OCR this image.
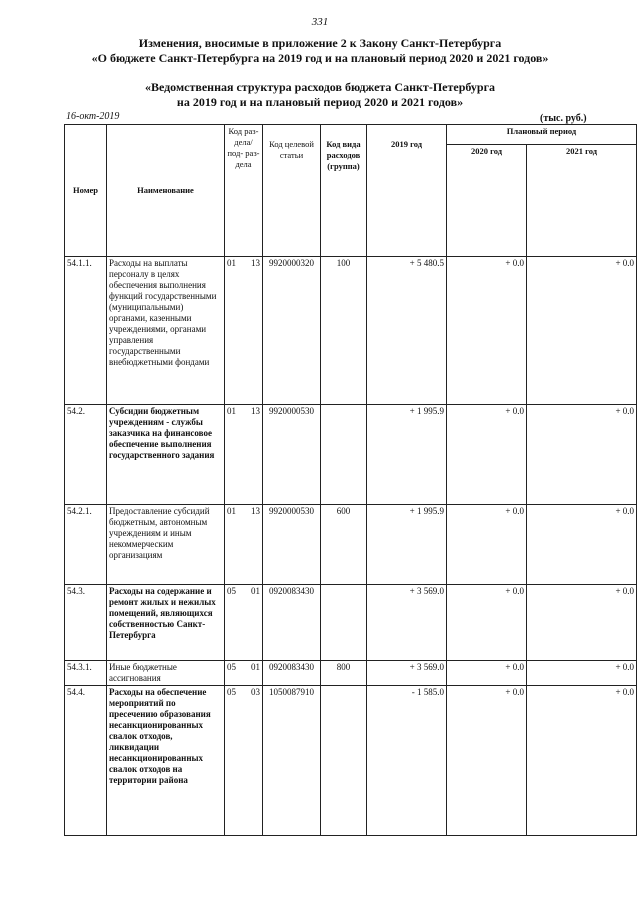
331
Изменения, вносимые в приложение 2 к Закону Санкт-Петербурга
«О бюджете Санкт-Петербурга на 2019 год и на плановый период 2020 и 2021 годов»
«Ведомственная структура расходов бюджета Санкт-Петербурга
на 2019 год и на плановый период 2020 и 2021 годов»
16-окт-2019	(тыс. руб.)
Номер	Наименование	Код раз- дела/ под- раз- дела	Код целевой статьи	Код вида расходов (группа)	2019 год	Плановый период	
						2020 год	2021 год
54.1.1.	Расходы на выплаты персоналу в целях обеспечения выполнения функций государственными (муниципальными) органами, казенными учреждениями, органами управления государственными внебюджетными фондами	01 13	9920000320	100	+ 5 480.5	+ 0.0	+ 0.0
54.2.	Субсидии бюджетным учреждениям - службы заказчика на финансовое обеспечение выполнения государственного задания	01 13	9920000530		+ 1 995.9	+ 0.0	+ 0.0
54.2.1.	Предоставление субсидий бюджетным, автономным учреждениям и иным некоммерческим организациям	01 13	9920000530	600	+ 1 995.9	+ 0.0	+ 0.0
54.3.	Расходы на содержание и ремонт жилых и нежилых помещений, являющихся собственностью Санкт-Петербурга	05 01	0920083430		+ 3 569.0	+ 0.0	+ 0.0
54.3.1.	Иные бюджетные ассигнования	05 01	0920083430	800	+ 3 569.0	+ 0.0	+ 0.0
54.4.	Расходы на обеспечение мероприятий по пресечению образования несанкционированных свалок отходов, ликвидации несанкционированных свалок отходов на территории района	05 03	1050087910		- 1 585.0	+ 0.0	+ 0.0
